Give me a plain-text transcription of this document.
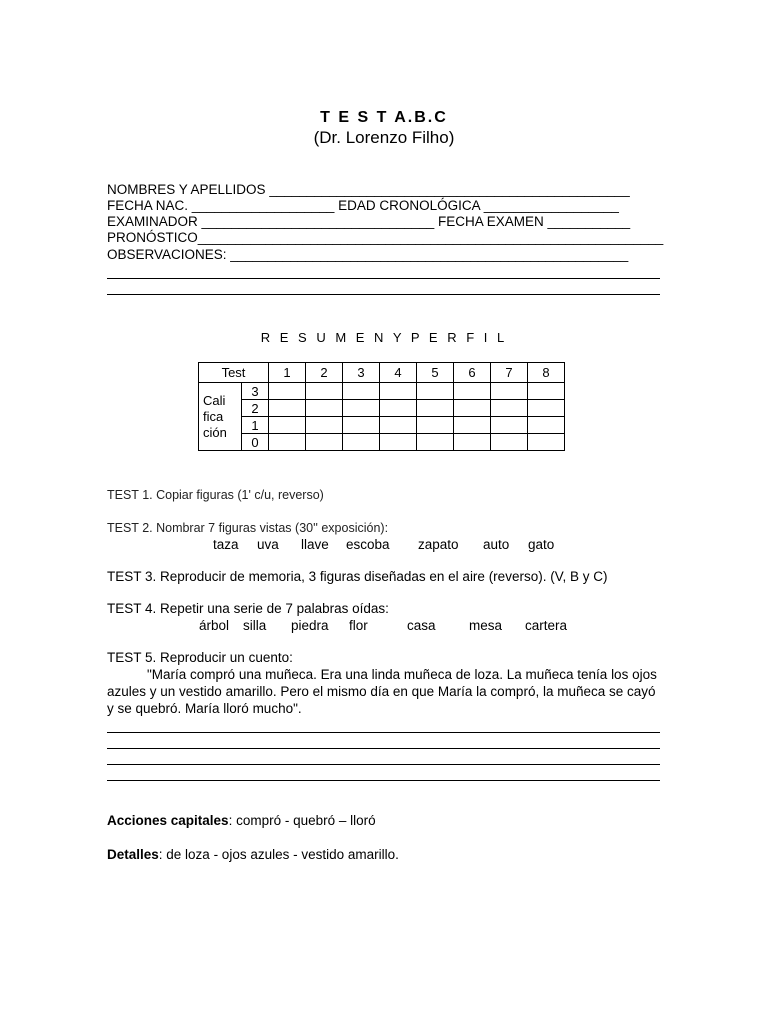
T E S T A.B.C
(Dr. Lorenzo Filho)
NOMBRES Y APELLIDOS ________________________________________________
FECHA NAC. ___________________ EDAD CRONOLÓGICA __________________
EXAMINADOR _______________________________ FECHA EXAMEN ___________
PRONÓSTICO______________________________________________________________
OBSERVACIONES: _____________________________________________________
R E S U M E N Y P E R F I L
Test		1	2	3	4	5	6	7	8

Cali
fica
ción	3								
	2								
	1								
	0								
TEST 1. Copiar figuras (1' c/u, reverso)
TEST 2. Nombrar 7 figuras vistas (30'' exposición):
taza uva llave escoba zapato auto gato
TEST 3. Reproducir de memoria, 3 figuras diseñadas en el aire (reverso). (V, B y C)
TEST 4. Repetir una serie de 7 palabras oídas:
árbol silla piedra flor	casa mesa cartera
TEST 5. Reproducir un cuento:
"María compró una muñeca. Era una linda muñeca de loza. La muñeca tenía los ojos azules y un vestido amarillo. Pero el mismo día en que María la compró, la muñeca se cayó y se quebró. María lloró mucho".
Acciones capitales: compró - quebró – lloró
Detalles: de loza - ojos azules - vestido amarillo.
